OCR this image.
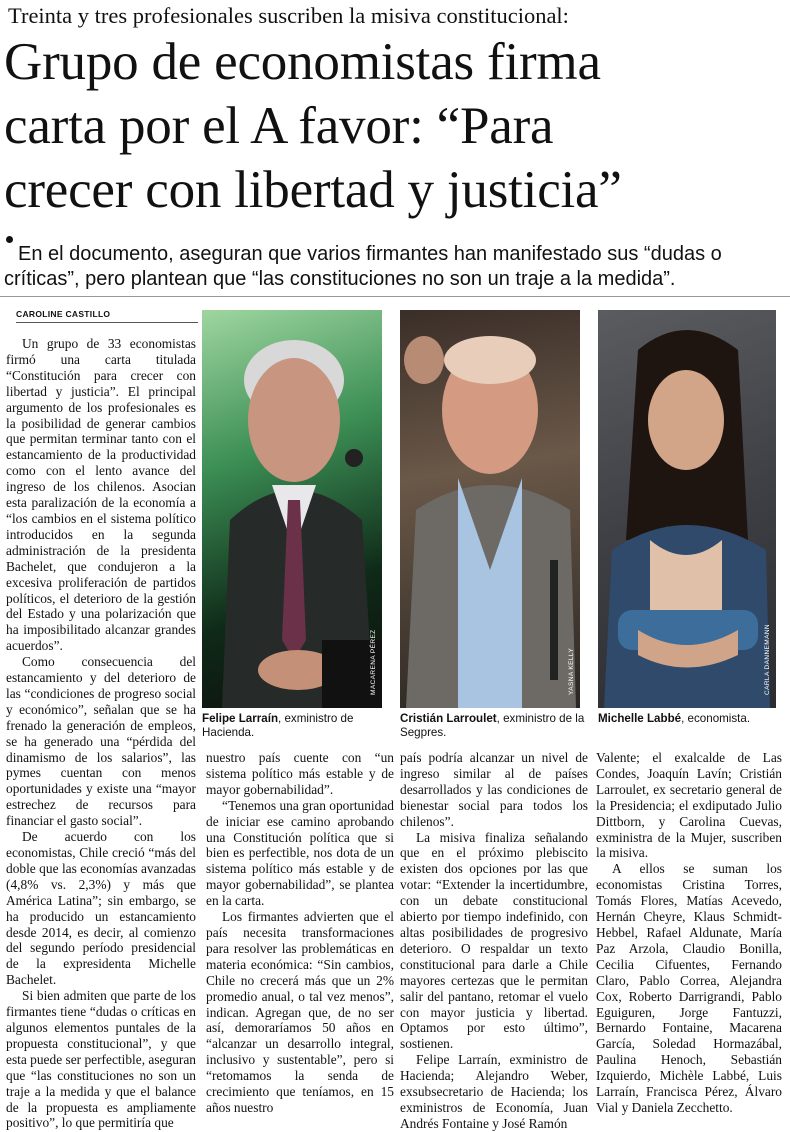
Treinta y tres profesionales suscriben la misiva constitucional:
Grupo de economistas firma
carta por el A favor: “Para
crecer con libertad y justicia”
En el documento, aseguran que varios firmantes han manifestado sus “dudas o
críticas”, pero plantean que “las constituciones no son un traje a la medida”.
CAROLINE CASTILLO
MACARENA PÉREZ	YASNA KELLY	CARLA DANNEMANN
Felipe Larraín, exministro de Hacienda.
Cristián Larroulet, exministro de la Segpres.
Michelle Labbé, economista.

Un grupo de 33 economistas firmó una carta titulada “Constitución para crecer con libertad y justicia”. El principal argumento de los profesionales es la posibilidad de generar cambios que permitan terminar tanto con el estancamiento de la productividad como con el lento avance del ingreso de los chilenos. Asocian esta paralización de la economía a “los cambios en el sistema político introducidos en la segunda administración de la presidenta Bachelet, que condujeron a la excesiva proliferación de partidos políticos, el deterioro de la gestión del Estado y una polarización que ha imposibilitado alcanzar grandes acuerdos”.

Como consecuencia del estancamiento y del deterioro de las “condiciones de progreso social y económico”, señalan que se ha frenado la generación de empleos, se ha generado una “pérdida del dinamismo de los salarios”, las pymes cuentan con menos oportunidades y existe una “mayor estrechez de recursos para financiar el gasto social”.

De acuerdo con los economistas, Chile creció “más del doble que las economías avanzadas (4,8% vs. 2,3%) y más que América Latina”; sin embargo, se ha producido un estancamiento desde 2014, es decir, al comienzo del segundo período presidencial de la expresidenta Michelle Bachelet.

Si bien admiten que parte de los firmantes tiene “dudas o críticas en algunos elementos puntales de la propuesta constitucional”, y que esta puede ser perfectible, aseguran que “las constituciones no son un traje a la medida y que el balance de la propuesta es ampliamente positivo”, lo que permitiría que

nuestro país cuente con “un sistema político más estable y de mayor gobernabilidad”.

“Tenemos una gran oportunidad de iniciar ese camino aprobando una Constitución política que si bien es perfectible, nos dota de un sistema político más estable y de mayor gobernabilidad”, se plantea en la carta.

Los firmantes advierten que el país necesita transformaciones para resolver las problemáticas en materia económica: “Sin cambios, Chile no crecerá más que un 2% promedio anual, o tal vez menos”, indican. Agregan que, de no ser así, demoraríamos 50 años en “alcanzar un desarrollo integral, inclusivo y sustentable”, pero si “retomamos la senda de crecimiento que teníamos, en 15 años nuestro

país podría alcanzar un nivel de ingreso similar al de países desarrollados y las condiciones de bienestar social para todos los chilenos”.

La misiva finaliza señalando que en el próximo plebiscito existen dos opciones por las que votar: “Extender la incertidumbre, con un debate constitucional abierto por tiempo indefinido, con altas posibilidades de progresivo deterioro. O respaldar un texto constitucional para darle a Chile mayores certezas que le permitan salir del pantano, retomar el vuelo con mayor justicia y libertad. Optamos por esto último”, sostienen.

Felipe Larraín, exministro de Hacienda; Alejandro Weber, exsubsecretario de Hacienda; los exministros de Economía, Juan Andrés Fontaine y José Ramón

Valente; el exalcalde de Las Condes, Joaquín Lavín; Cristián Larroulet, ex secretario general de la Presidencia; el exdiputado Julio Dittborn, y Carolina Cuevas, exministra de la Mujer, suscriben la misiva.

A ellos se suman los economistas Cristina Torres, Tomás Flores, Matías Acevedo, Hernán Cheyre, Klaus Schmidt-Hebbel, Rafael Aldunate, María Paz Arzola, Claudio Bonilla, Cecilia Cifuentes, Fernando Claro, Pablo Correa, Alejandra Cox, Roberto Darrigrandi, Pablo Eguiguren, Jorge Fantuzzi, Bernardo Fontaine, Macarena García, Soledad Hormazábal, Paulina Henoch, Sebastián Izquierdo, Michèle Labbé, Luis Larraín, Francisca Pérez, Álvaro Vial y Daniela Zecchetto.
